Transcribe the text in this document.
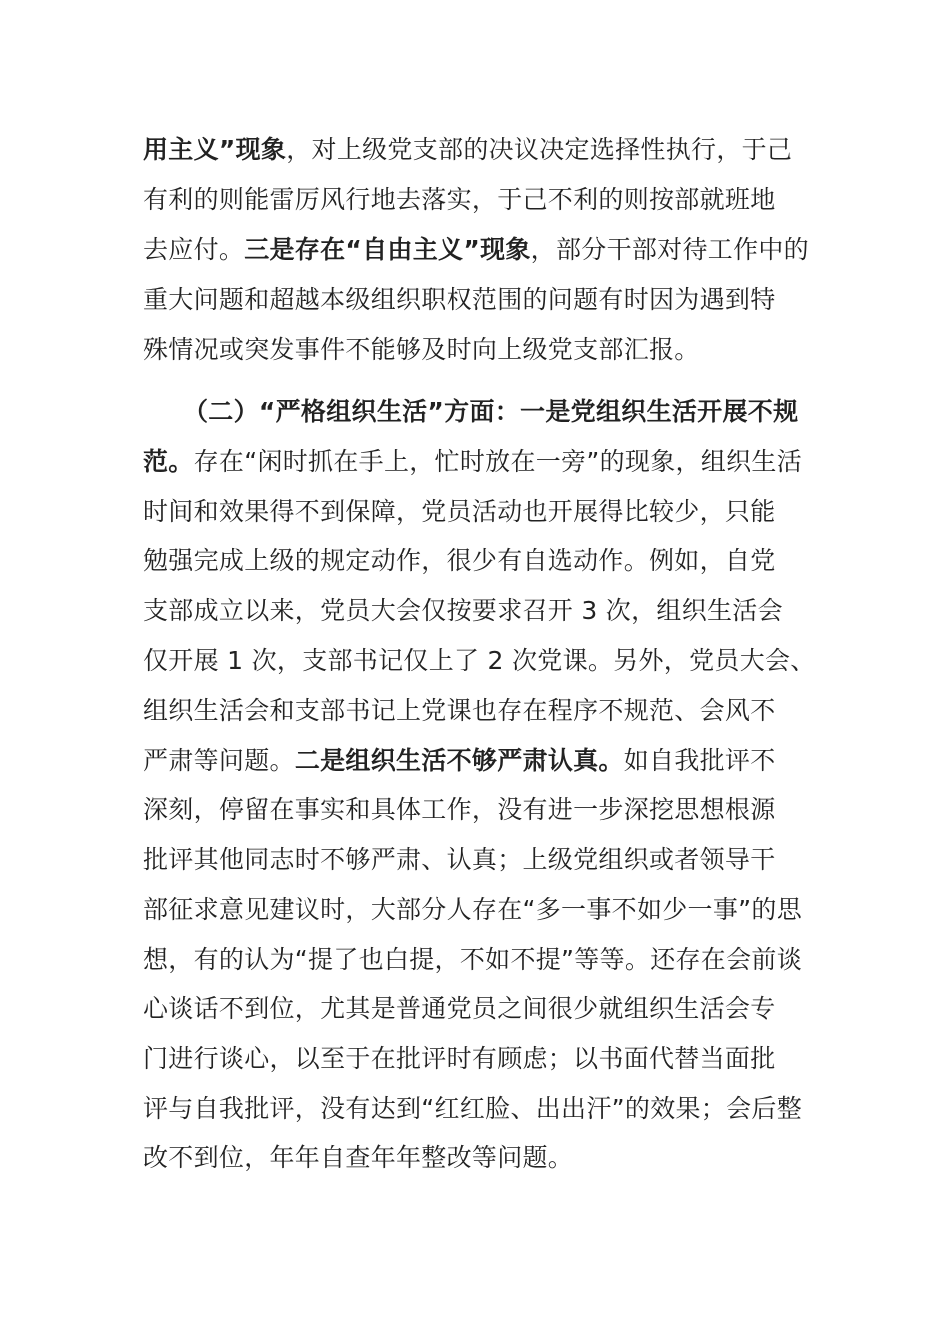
用主义”现象，对上级党支部的决议决定选择性执行，于己
有利的则能雷厉风行地去落实，于己不利的则按部就班地
去应付。三是存在“自由主义”现象，部分干部对待工作中的
重大问题和超越本级组织职权范围的问题有时因为遇到特
殊情况或突发事件不能够及时向上级党支部汇报。
（二）“严格组织生活”方面：一是党组织生活开展不规
范。存在“闲时抓在手上，忙时放在一旁”的现象，组织生活
时间和效果得不到保障，党员活动也开展得比较少，只能
勉强完成上级的规定动作，很少有自选动作。例如，自党
支部成立以来，党员大会仅按要求召开 3 次，组织生活会
仅开展 1 次，支部书记仅上了 2 次党课。另外，党员大会、
组织生活会和支部书记上党课也存在程序不规范、会风不
严肃等问题。二是组织生活不够严肃认真。如自我批评不
深刻，停留在事实和具体工作，没有进一步深挖思想根源
批评其他同志时不够严肃、认真；上级党组织或者领导干
部征求意见建议时，大部分人存在“多一事不如少一事”的思
想，有的认为“提了也白提，不如不提”等等。还存在会前谈
心谈话不到位，尤其是普通党员之间很少就组织生活会专
门进行谈心，以至于在批评时有顾虑；以书面代替当面批
评与自我批评，没有达到“红红脸、出出汗”的效果；会后整
改不到位，年年自查年年整改等问题。
